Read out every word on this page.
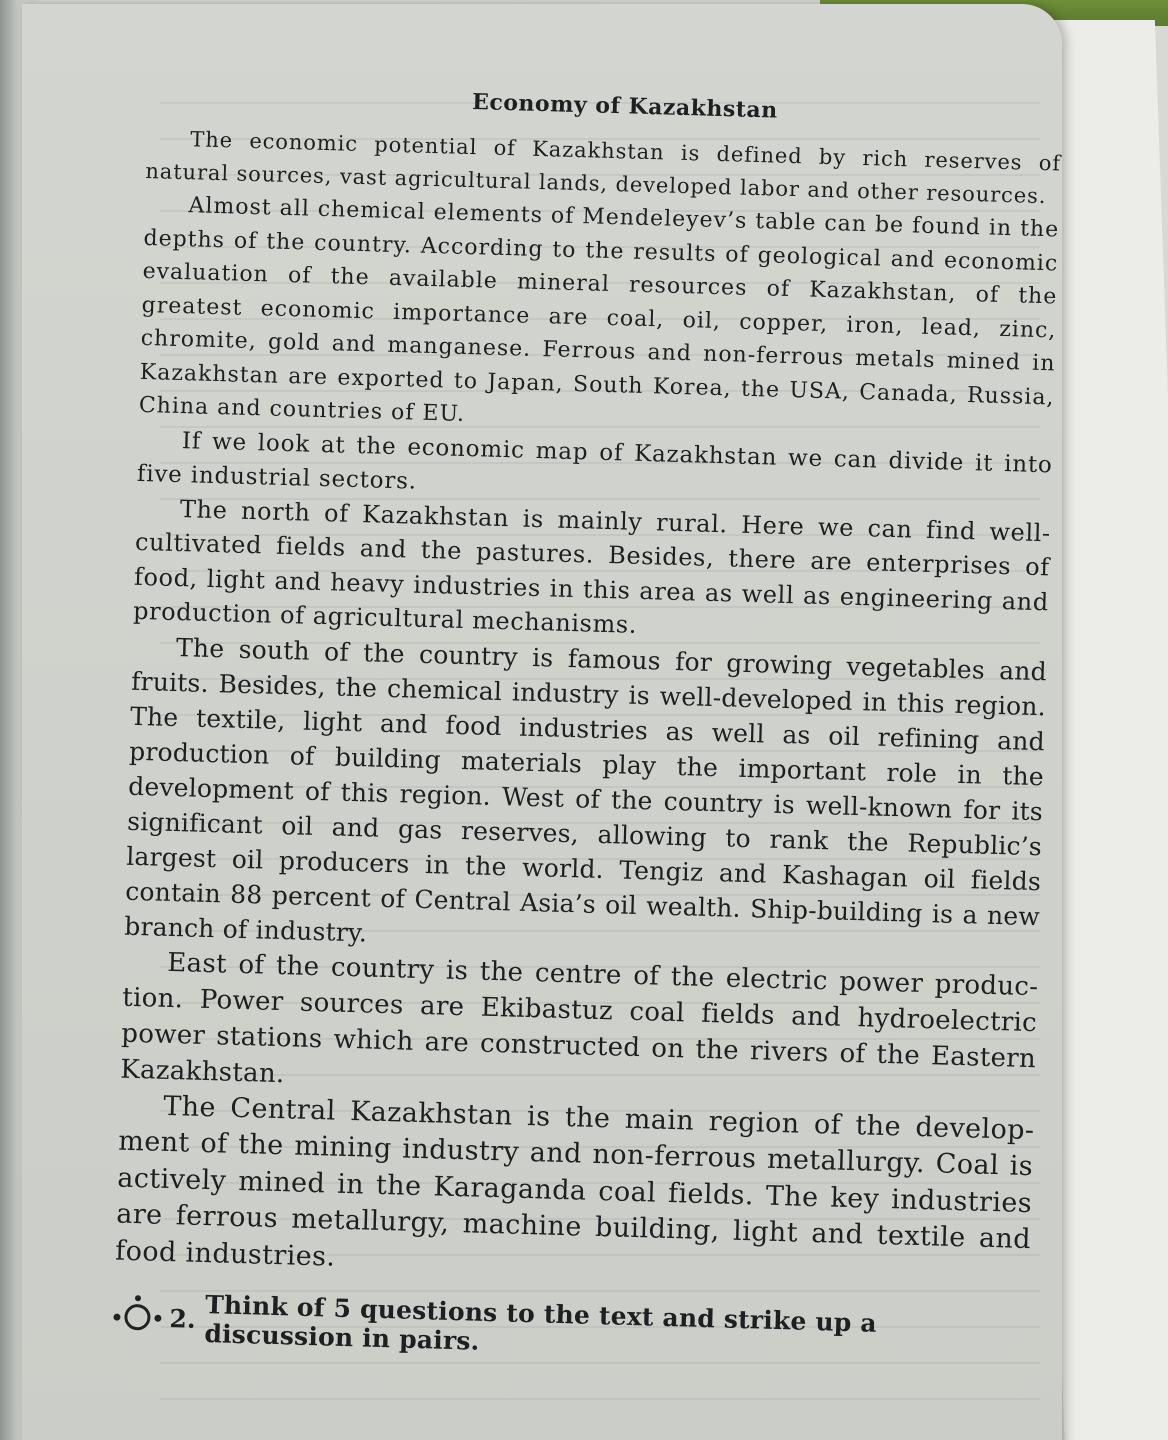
Economy of Kazakhstan

The economic potential of Kazakhstan is defined by rich reserves of natural sources, vast agricultural lands, developed labor and other resources.

Almost all chemical elements of Mendeleyev’s table can be found in the depths of the country. According to the results of geological and economic evaluation of the available mineral resources of Kazakhstan, of the greatest economic importance are coal, oil, copper, iron, lead, zinc, chromite, gold and manganese. Ferrous and non-ferrous metals mined in Kazakhstan are exported to Japan, South Korea, the USA, Canada, Russia, China and countries of EU.

If we look at the economic map of Kazakhstan we can divide it into five industrial sectors.

The north of Kazakhstan is mainly rural. Here we can find well-cultivated fields and the pastures. Besides, there are enterprises of food, light and heavy industries in this area as well as engineering and production of agricultural mechanisms.

The south of the country is famous for growing vegetables and fruits. Besides, the chemical industry is well-developed in this region. The textile, light and food industries as well as oil refining and production of building materials play the important role in the development of this region. West of the country is well-known for its significant oil and gas reserves, allowing to rank the Republic’s largest oil producers in the world. Tengiz and Kashagan oil fields contain 88 percent of Central Asia’s oil wealth. Ship-building is a new branch of industry.

East of the country is the centre of the electric power production. Power sources are Ekibastuz coal fields and hydroelectric power stations which are constructed on the rivers of the Eastern Kazakhstan.

The Central Kazakhstan is the main region of the development of the mining industry and non-ferrous metallurgy. Coal is actively mined in the Karaganda coal fields. The key industries are ferrous metallurgy, machine building, light and textile and food industries.

2.
Think of 5 questions to the text and strike up a discussion in pairs.
